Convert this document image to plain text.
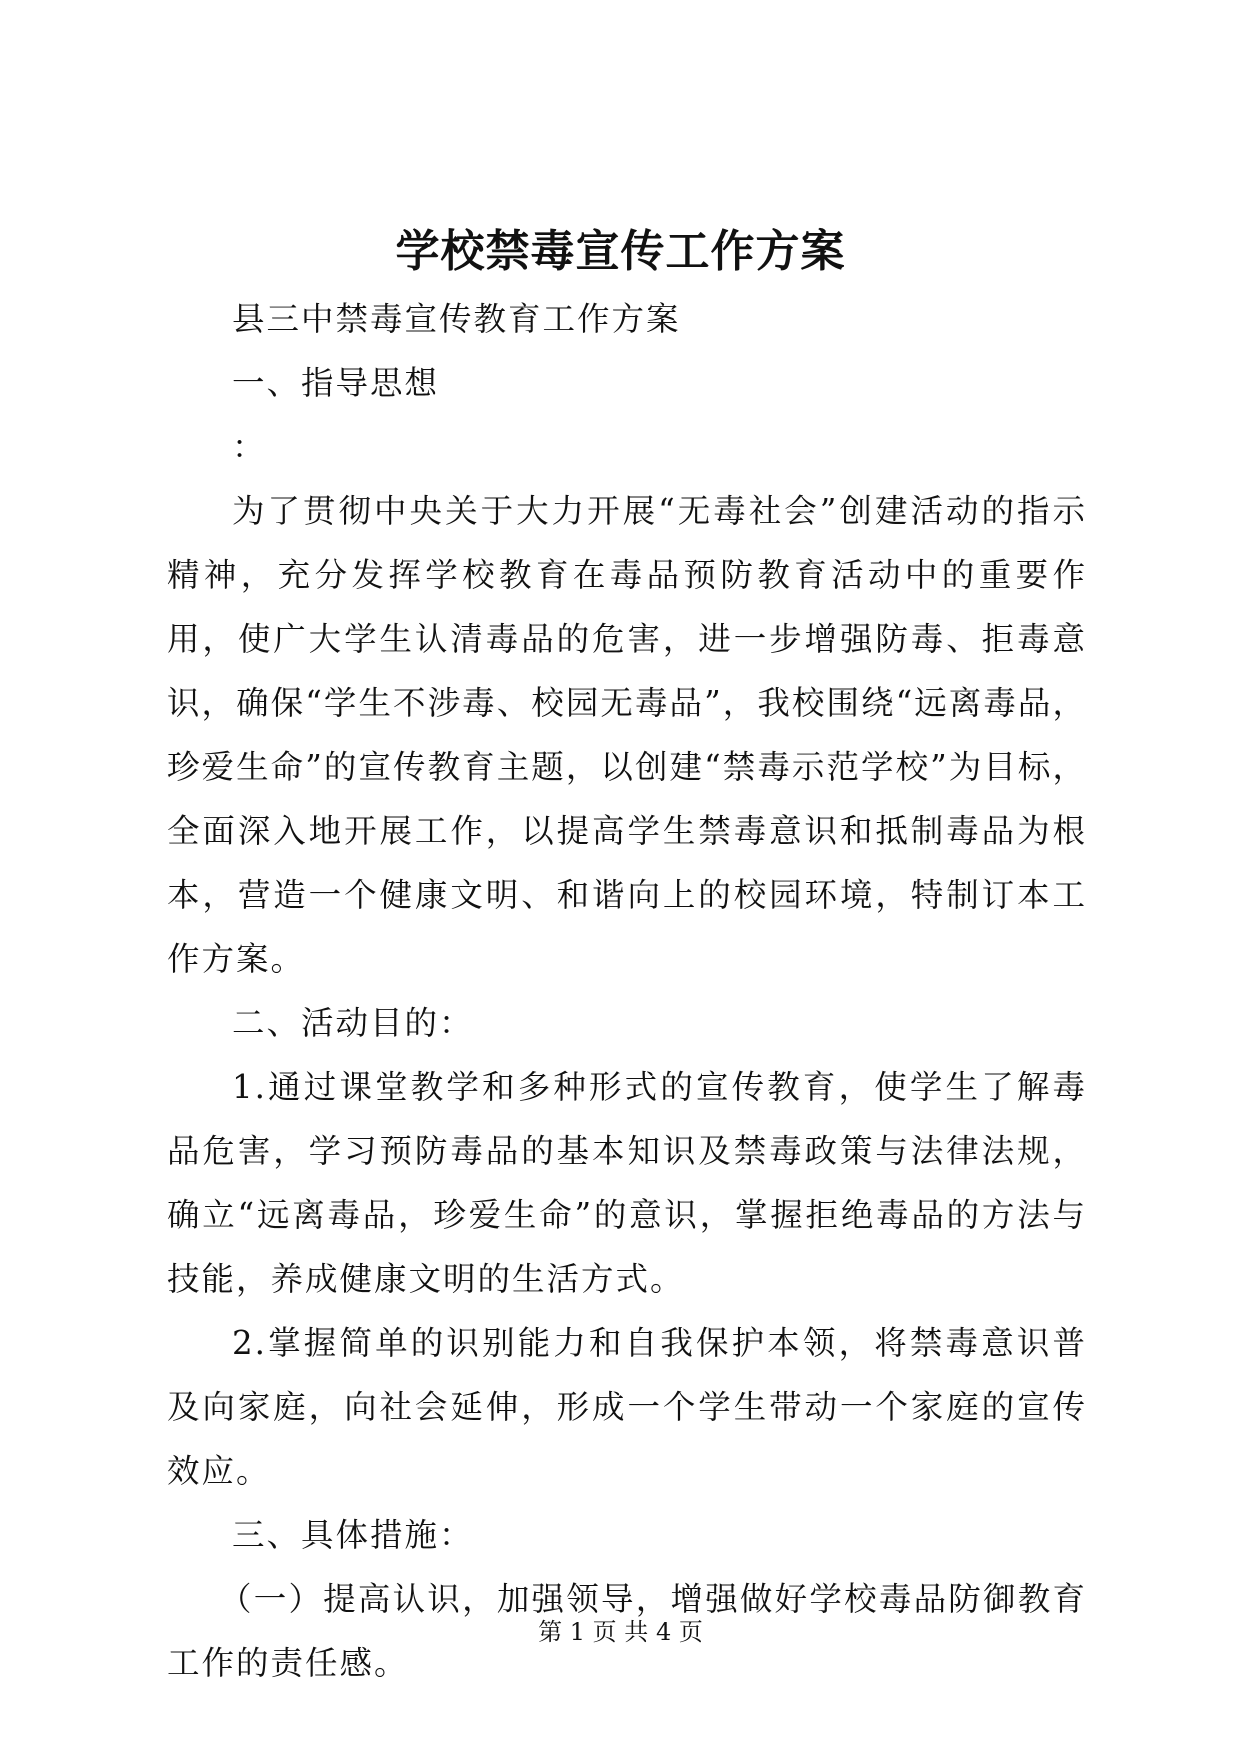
学校禁毒宣传工作方案

县三中禁毒宣传教育工作方案

一、指导思想

：

为了贯彻中央关于大力开展“无毒社会”创建活动的指示精神，充分发挥学校教育在毒品预防教育活动中的重要作用，使广大学生认清毒品的危害，进一步增强防毒、拒毒意识，确保“学生不涉毒、校园无毒品”，我校围绕“远离毒品，珍爱生命”的宣传教育主题，以创建“禁毒示范学校”为目标，全面深入地开展工作，以提高学生禁毒意识和抵制毒品为根本，营造一个健康文明、和谐向上的校园环境，特制订本工作方案。

二、活动目的：

1.通过课堂教学和多种形式的宣传教育，使学生了解毒品危害，学习预防毒品的基本知识及禁毒政策与法律法规，确立“远离毒品，珍爱生命”的意识，掌握拒绝毒品的方法与技能，养成健康文明的生活方式。

2.掌握简单的识别能力和自我保护本领，将禁毒意识普及向家庭，向社会延伸，形成一个学生带动一个家庭的宣传效应。

三、具体措施：

（一）提高认识，加强领导，增强做好学校毒品防御教育工作的责任感。

第 1 页 共 4 页
